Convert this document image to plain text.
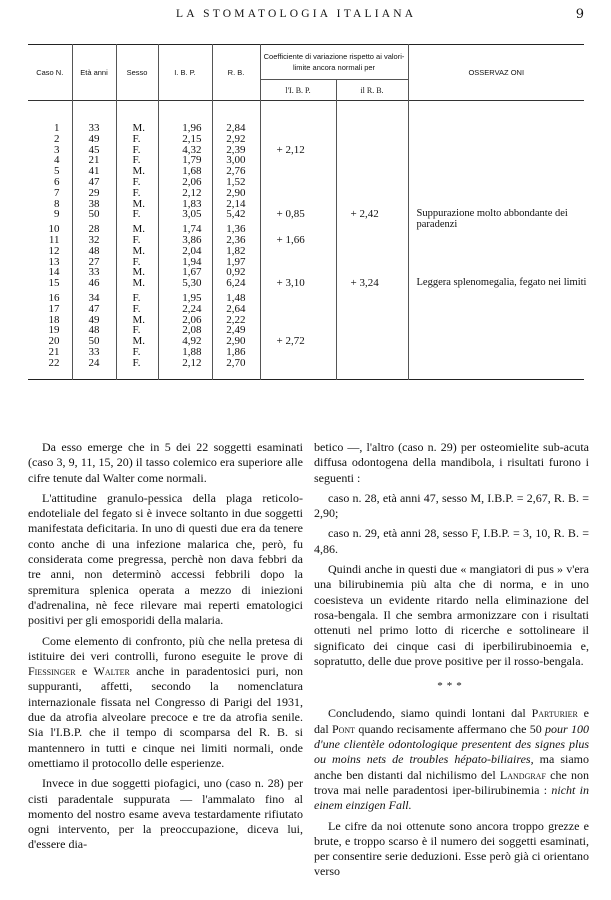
LA STOMATOLOGIA ITALIANA	9
Caso N.	Età anni	Sesso	I. B. P.	R. B.	Coefficiente di variazione rispetto ai valori-limite ancora normali per		OSSERVAZ ONI
					l'I. B. P.	il R. B.	

1	33	M.	1,96	2,84			

2	49	F.	2,15	2,92			

3	45	F.	4,32	2,39	+ 2,12		

4	21	F.	1,79	3,00			

5	41	M.	1,68	2,76			

6	47	F.	2,06	1,52			

7	29	F.	2,12	2,90			

8	38	M.	1,83	2,14			

9	50	F.	3,05	5,42	+ 0,85	+ 2,42	Suppurazione molto abbondante dei paradenzi

10	28	M.	1,74	1,36			

11	32	F.	3,86	2,36	+ 1,66		

12	48	M.	2,04	1,82			

13	27	F.	1,94	1,97			

14	33	M.	1,67	0,92			

15	46	M.	5,30	6,24	+ 3,10	+ 3,24	Leggera splenomegalia, fegato nei limiti

16	34	F.	1,95	1,48			

17	47	F.	2,24	2,64			

18	49	M.	2,06	2,22			

19	48	F.	2,08	2,49			

20	50	M.	4,92	2,90	+ 2,72		

21	33	F.	1,88	1,86			

22	24	F.	2,12	2,70			

Da esso emerge che in 5 dei 22 soggetti esaminati (caso 3, 9, 11, 15, 20) il tasso colemico era superiore alle cifre tenute dal Walter come normali.

L'attitudine granulo-pessica della plaga reticolo-endoteliale del fegato si è invece soltanto in due soggetti manifestata deficitaria. In uno di questi due era da tenere conto anche di una infezione malarica che, però, fu considerata come pregressa, perchè non dava febbri da tre anni, non determinò accessi febbrili dopo la spremitura splenica operata a mezzo di iniezioni d'adrenalina, nè fece rilevare mai reperti ematologici positivi per gli emosporidi della malaria.

Come elemento di confronto, più che nella pretesa di istituire dei veri controlli, furono eseguite le prove di Fiessinger e Walter anche in paradentosici puri, non suppuranti, affetti, secondo la nomenclatura internazionale fissata nel Congresso di Parigi del 1931, due da atrofia alveolare precoce e tre da atrofia senile. Sia l'I.B.P. che il tempo di scomparsa del R. B. si mantennero in tutti e cinque nei limiti normali, onde omettiamo il protocollo delle esperienze.

Invece in due soggetti piofagici, uno (caso n. 28) per cisti paradentale suppurata — l'ammalato fino al momento del nostro esame aveva testardamente rifiutato ogni intervento, per la preoccupazione, diceva lui, d'essere dia-

betico —, l'altro (caso n. 29) per osteomielite sub-acuta diffusa odontogena della mandibola, i risultati furono i seguenti :

caso n. 28, età anni 47, sesso M, I.B.P. = 2,67, R. B. = 2,90;

caso n. 29, età anni 28, sesso F, I.B.P. = 3, 10, R. B. = 4,86.

Quindi anche in questi due « mangiatori di pus » v'era una bilirubinemia più alta che di norma, e in uno coesisteva un evidente ritardo nella eliminazione del rosa-bengala. Il che sembra armonizzare con i risultati ottenuti nel primo lotto di ricerche e sottolineare il significato dei cinque casi di iperbilirubinoemia e, sopratutto, delle due prove positive per il rosso-bengala.

***

Concludendo, siamo quindi lontani dal Parturier e dal Pont quando recisamente affermano che 50 pour 100 d'une clientèle odontologique presentent des signes plus ou moins nets de troubles hépato-biliaires, ma siamo anche ben distanti dal nichilismo del Landgraf che non trova mai nelle paradentosi iper-bilirubinemia : nicht in einem einzigen Fall.

Le cifre da noi ottenute sono ancora troppo grezze e brute, e troppo scarso è il numero dei soggetti esaminati, per consentire serie deduzioni. Esse però già ci orientano verso
